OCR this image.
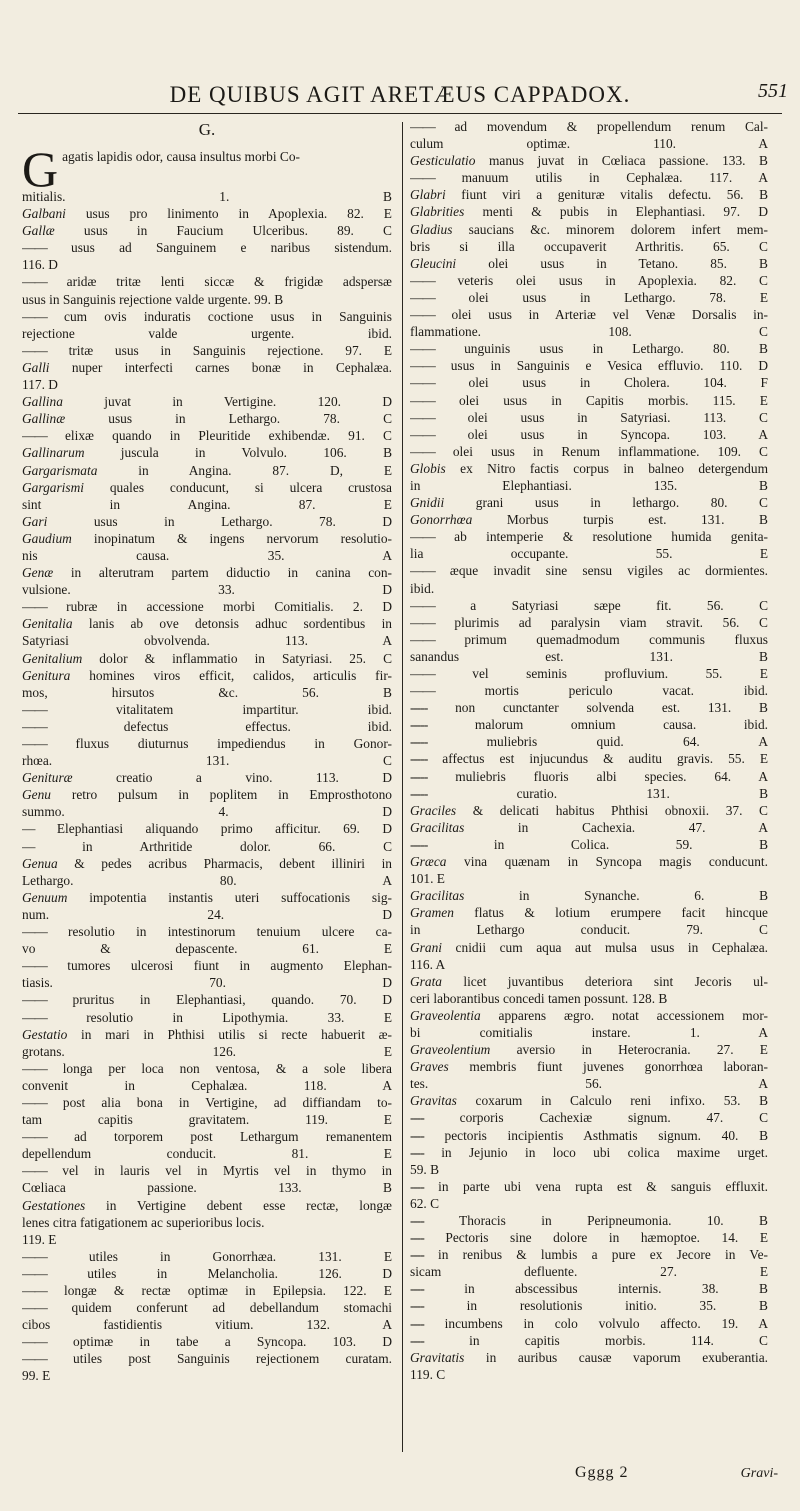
DE QUIBUS AGIT ARETÆUS CAPPADOX.	551
G.
Gagatis lapidis odor, causa insultus morbi Co-
mitialis. 1. B
Galbani usus pro linimento in Apoplexia. 82. E
Gallæ usus in Faucium Ulceribus. 89. C
—— usus ad Sanguinem e naribus sistendum.
116. D
—— aridæ tritæ lenti siccæ & frigidæ adspersæ
usus in Sanguinis rejectione valde urgente. 99. B
—— cum ovis induratis coctione usus in Sanguinis
rejectione valde urgente. ibid.
—— tritæ usus in Sanguinis rejectione. 97. E
Galli nuper interfecti carnes bonæ in Cephalæa.
117. D
Gallina juvat in Vertigine. 120. D
Gallinæ usus in Lethargo. 78. C
—— elixæ quando in Pleuritide exhibendæ. 91. C
Gallinarum juscula in Volvulo. 106. B
Gargarismata in Angina. 87. D, E
Gargarismi quales conducunt, si ulcera crustosa
sint in Angina. 87. E
Gari usus in Lethargo. 78. D
Gaudium inopinatum & ingens nervorum resolutio-
nis causa. 35. A
Genæ in alterutram partem diductio in canina con-
vulsione. 33. D
—— rubræ in accessione morbi Comitialis. 2. D
Genitalia lanis ab ove detonsis adhuc sordentibus in
Satyriasi obvolvenda. 113. A
Genitalium dolor & inflammatio in Satyriasi. 25. C
Genitura homines viros efficit, calidos, articulis fir-
mos, hirsutos &c. 56. B
—— vitalitatem impartitur. ibid.
—— defectus effectus. ibid.
—— fluxus diuturnus impediendus in Gonor-
rhœa. 131. C
Genituræ creatio a vino. 113. D
Genu retro pulsum in poplitem in Emprosthotono
summo. 4. D
— Elephantiasi aliquando primo afficitur. 69. D
— in Arthritide dolor. 66. C
Genua & pedes acribus Pharmacis, debent illiniri in
Lethargo. 80. A
Genuum impotentia instantis uteri suffocationis sig-
num. 24. D
—— resolutio in intestinorum tenuium ulcere ca-
vo & depascente. 61. E
—— tumores ulcerosi fiunt in augmento Elephan-
tiasis. 70. D
—— pruritus in Elephantiasi, quando. 70. D
—— resolutio in Lipothymia. 33. E
Gestatio in mari in Phthisi utilis si recte habuerit æ-
grotans. 126. E
—— longa per loca non ventosa, & a sole libera
convenit in Cephalæa. 118. A
—— post alia bona in Vertigine, ad diffiandam to-
tam capitis gravitatem. 119. E
—— ad torporem post Lethargum remanentem
depellendum conducit. 81. E
—— vel in lauris vel in Myrtis vel in thymo in
Cœliaca passione. 133. B
Gestationes in Vertigine debent esse rectæ, longæ
lenes citra fatigationem ac superioribus locis.
119. E
—— utiles in Gonorrhæa. 131. E
—— utiles in Melancholia. 126. D
—— longæ & rectæ optimæ in Epilepsia. 122. E
—— quidem conferunt ad debellandum stomachi
cibos fastidientis vitium. 132. A
—— optimæ in tabe a Syncopa. 103. D
—— utiles post Sanguinis rejectionem curatam.
99. E
—— ad movendum & propellendum renum Cal-
culum optimæ. 110. A
Gesticulatio manus juvat in Cœliaca passione. 133. B
—— manuum utilis in Cephalæa. 117. A
Glabri fiunt viri a genituræ vitalis defectu. 56. B
Glabrities menti & pubis in Elephantiasi. 97. D
Gladius saucians &c. minorem dolorem infert mem-
bris si illa occupaverit Arthritis. 65. C
Gleucini olei usus in Tetano. 85. B
—— veteris olei usus in Apoplexia. 82. C
—— olei usus in Lethargo. 78. E
—— olei usus in Arteriæ vel Venæ Dorsalis in-
flammatione. 108. C
—— unguinis usus in Lethargo. 80. B
—— usus in Sanguinis e Vesica effluvio. 110. D
—— olei usus in Cholera. 104. F
—— olei usus in Capitis morbis. 115. E
—— olei usus in Satyriasi. 113. C
—— olei usus in Syncopa. 103. A
—— olei usus in Renum inflammatione. 109. C
Globis ex Nitro factis corpus in balneo detergendum
in Elephantiasi. 135. B
Gnidii grani usus in lethargo. 80. C
Gonorrhœa Morbus turpis est. 131. B
—— ab intemperie & resolutione humida genita-
lia occupante. 55. E
—— æque invadit sine sensu vigiles ac dormientes.
ibid.
—— a Satyriasi sæpe fit. 56. C
—— plurimis ad paralysin viam stravit. 56. C
—— primum quemadmodum communis fluxus
sanandus est. 131. B
—— vel seminis profluvium. 55. E
—— mortis periculo vacat. ibid.
----- non cunctanter solvenda est. 131. B
----- malorum omnium causa. ibid.
----- muliebris quid. 64. A
----- affectus est injucundus & auditu gravis. 55. E
----- muliebris fluoris albi species. 64. A
----- curatio. 131. B
Graciles & delicati habitus Phthisi obnoxii. 37. C
Gracilitas in Cachexia. 47. A
----- in Colica. 59. B
Græca vina quænam in Syncopa magis conducunt.
101. E
Gracilitas in Synanche. 6. B
Gramen flatus & lotium erumpere facit hincque
in Lethargo conducit. 79. C
Grani cnidii cum aqua aut mulsa usus in Cephalæa.
116. A
Grata licet juvantibus deteriora sint Jecoris ul-
ceri laborantibus concedi tamen possunt. 128. B
Graveolentia apparens ægro. notat accessionem mor-
bi comitialis instare. 1. A
Graveolentium aversio in Heterocrania. 27. E
Graves membris fiunt juvenes gonorrhœa laboran-
tes. 56. A
Gravitas coxarum in Calculo reni infixo. 53. B
---- corporis Cachexiæ signum. 47. C
---- pectoris incipientis Asthmatis signum. 40. B
---- in Jejunio in loco ubi colica maxime urget.
59. B
---- in parte ubi vena rupta est & sanguis effluxit.
62. C
---- Thoracis in Peripneumonia. 10. B
---- Pectoris sine dolore in hæmoptoe. 14. E
---- in renibus & lumbis a pure ex Jecore in Ve-
sicam defluente. 27. E
---- in abscessibus internis. 38. B
---- in resolutionis initio. 35. B
---- incumbens in colo volvulo affecto. 19. A
---- in capitis morbis. 114. C
Gravitatis in auribus causæ vaporum exuberantia.
119. C
Gggg 2	Gravi-
